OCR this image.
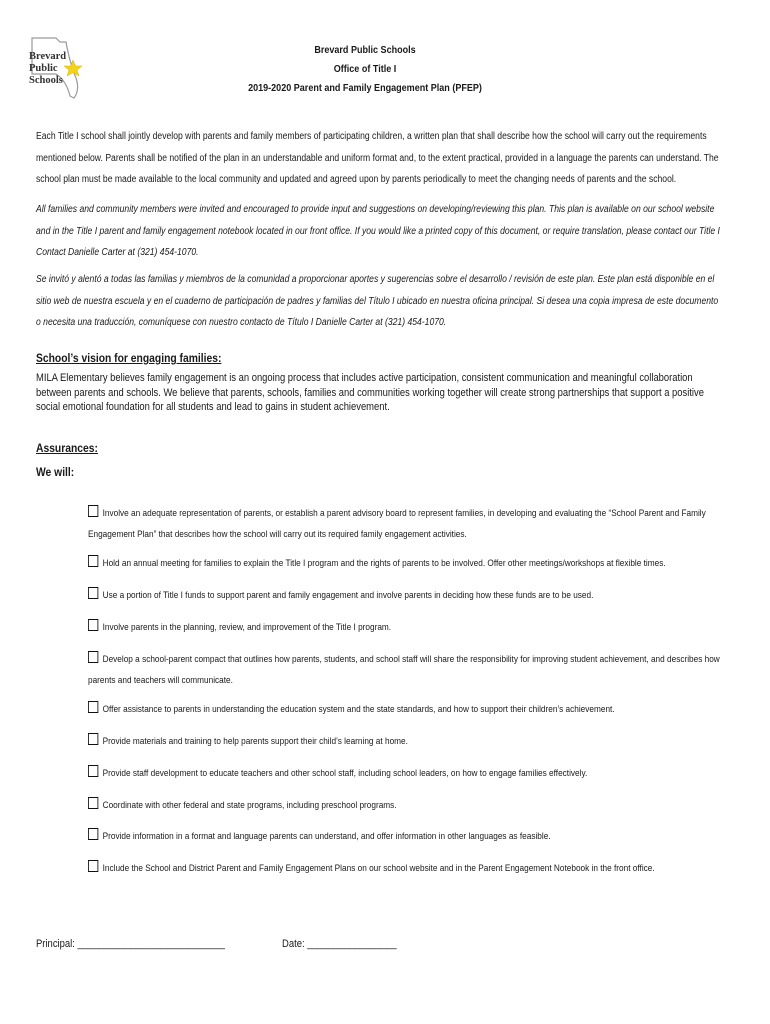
Brevard
Public
Schools
Brevard Public Schools
Office of Title I
2019-2020 Parent and Family Engagement Plan (PFEP)
Each Title I school shall jointly develop with parents and family members of participating children, a written plan that shall describe how the school will carry out the requirements mentioned below. Parents shall be notified of the plan in an understandable and uniform format and, to the extent practical, provided in a language the parents can understand. The school plan must be made available to the local community and updated and agreed upon by parents periodically to meet the changing needs of parents and the school.
All families and community members were invited and encouraged to provide input and suggestions on developing/reviewing this plan. This plan is available on our school website and in the Title I parent and family engagement notebook located in our front office. If you would like a printed copy of this document, or require translation, please contact our Title I Contact Danielle Carter at (321) 454-1070.
Se invitó y alentó a todas las familias y miembros de la comunidad a proporcionar aportes y sugerencias sobre el desarrollo / revisión de este plan. Este plan está disponible en el sitio web de nuestra escuela y en el cuaderno de participación de padres y familias del Título I ubicado en nuestra oficina principal. Si desea una copia impresa de este documento o necesita una traducción, comuníquese con nuestro contacto de Título I Danielle Carter at (321) 454-1070.
School’s vision for engaging families:
MILA Elementary believes family engagement is an ongoing process that includes active participation, consistent communication and meaningful collaboration between parents and schools. We believe that parents, schools, families and communities working together will create strong partnerships that support a positive social emotional foundation for all students and lead to gains in student achievement.
Assurances:
We will:
Involve an adequate representation of parents, or establish a parent advisory board to represent families, in developing and evaluating the “School Parent and Family Engagement Plan” that describes how the school will carry out its required family engagement activities.
Hold an annual meeting for families to explain the Title I program and the rights of parents to be involved. Offer other meetings/workshops at flexible times.
Use a portion of Title I funds to support parent and family engagement and involve parents in deciding how these funds are to be used.
Involve parents in the planning, review, and improvement of the Title I program.
Develop a school-parent compact that outlines how parents, students, and school staff will share the responsibility for improving student achievement, and describes how parents and teachers will communicate.
Offer assistance to parents in understanding the education system and the state standards, and how to support their children’s achievement.
Provide materials and training to help parents support their child’s learning at home.
Provide staff development to educate teachers and other school staff, including school leaders, on how to engage families effectively.
Coordinate with other federal and state programs, including preschool programs.
Provide information in a format and language parents can understand, and offer information in other languages as feasible.
Include the School and District Parent and Family Engagement Plans on our school website and in the Parent Engagement Notebook in the front office.
Principal: ____________________________	Date: _________________
